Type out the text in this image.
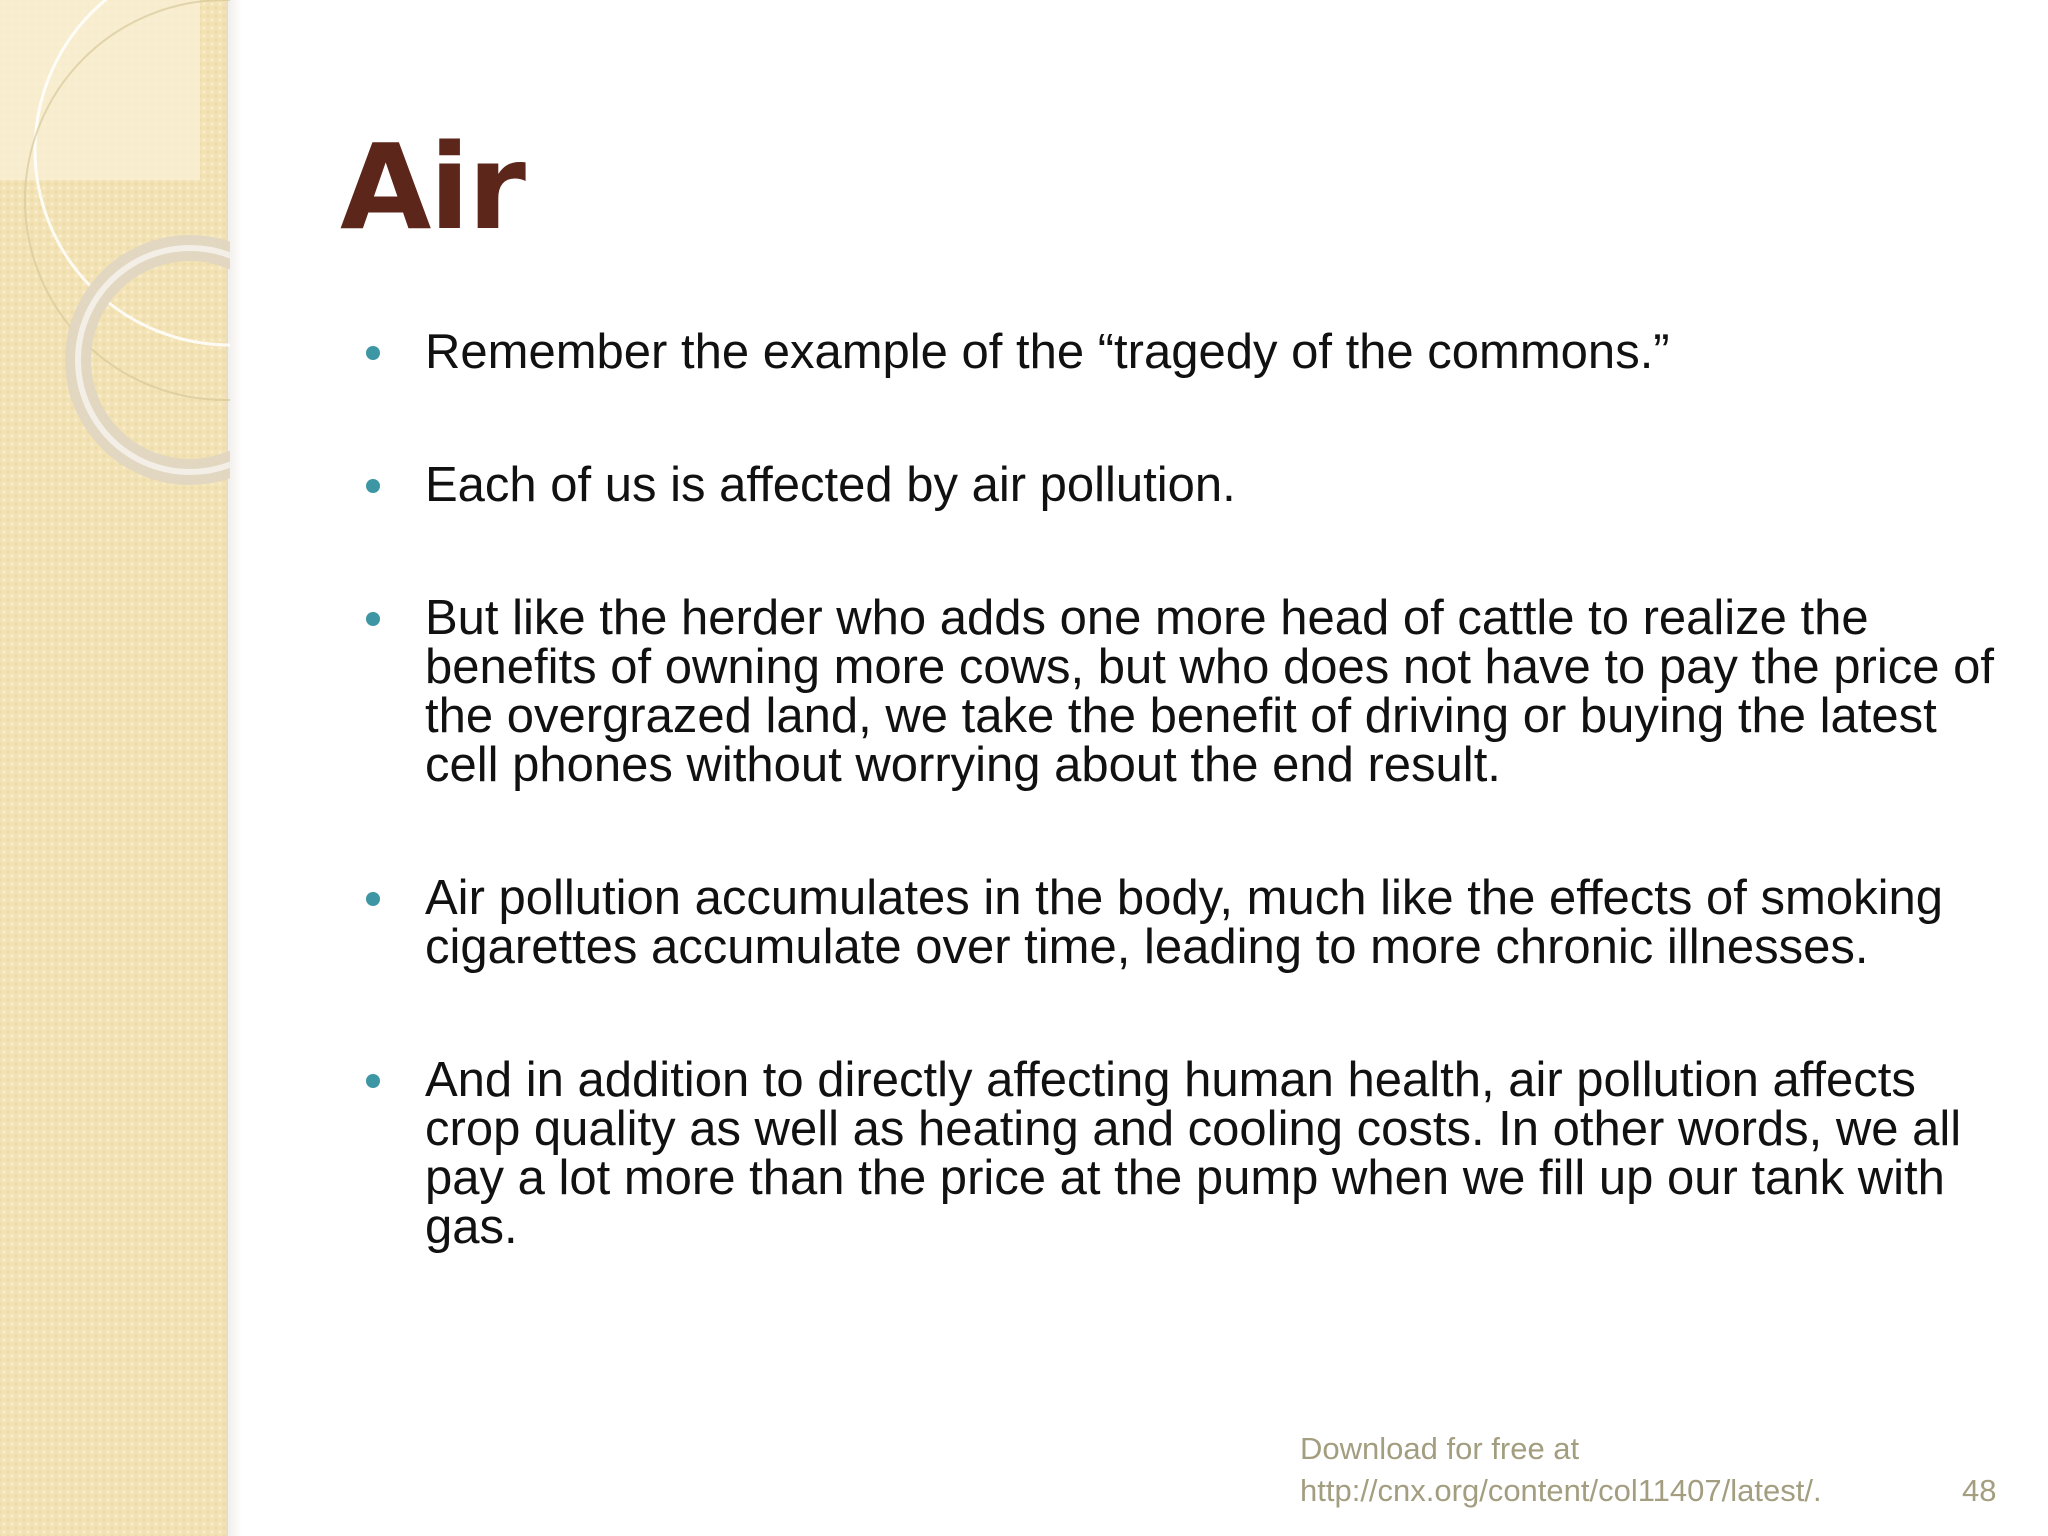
Air
Remember the example of the “tragedy of the commons.”
Each of us is affected by air pollution.
But like the herder who adds one more head of cattle to realize the benefits of owning more cows, but who does not have to pay the price of the overgrazed land, we take the benefit of driving or buying the latest cell phones without worrying about the end result.
Air pollution accumulates in the body, much like the effects of smoking cigarettes accumulate over time, leading to more chronic illnesses.
And in addition to directly affecting human health, air pollution affects crop quality as well as heating and cooling costs. In other words, we all pay a lot more than the price at the pump when we fill up our tank with gas.
Download for free at
http://cnx.org/content/col11407/latest/.	48
